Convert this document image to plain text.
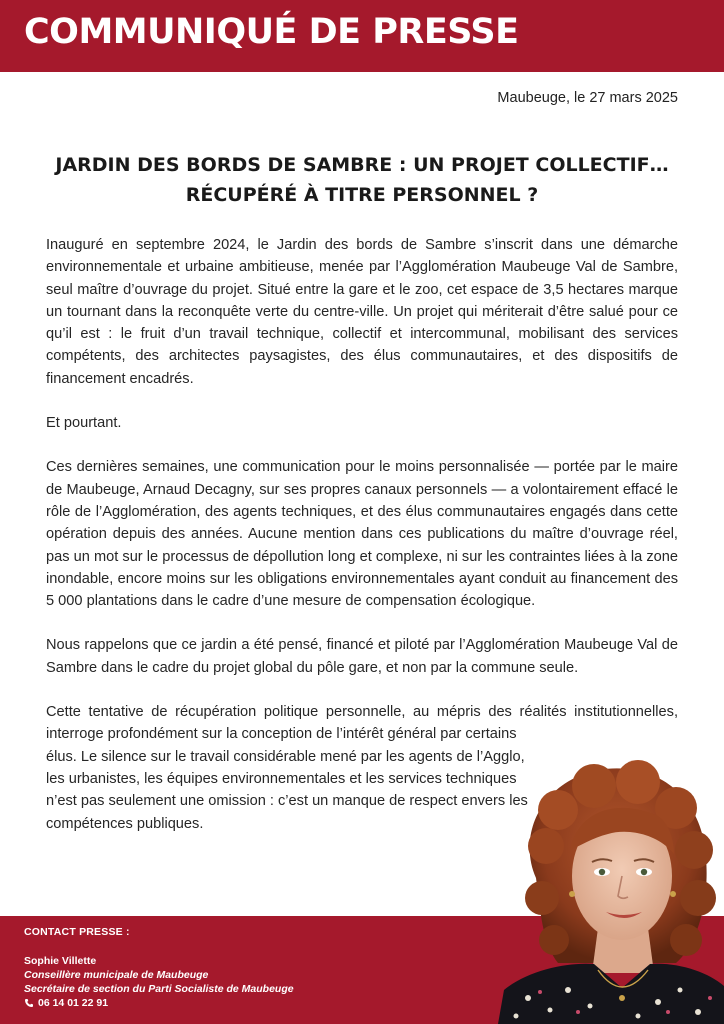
COMMUNIQUÉ DE PRESSE
Maubeuge, le 27 mars 2025
JARDIN DES BORDS DE SAMBRE : UN PROJET COLLECTIF…
RÉCUPÉRÉ À TITRE PERSONNEL ?

Inauguré en septembre 2024, le Jardin des bords de Sambre s’inscrit dans une démarche environnementale et urbaine ambitieuse, menée par l’Agglomération Maubeuge Val de Sambre, seul maître d’ouvrage du projet. Situé entre la gare et le zoo, cet espace de 3,5 hectares marque un tournant dans la reconquête verte du centre-ville. Un projet qui mériterait d’être salué pour ce qu’il est : le fruit d’un travail technique, collectif et intercommunal, mobilisant des services compétents, des architectes paysagistes, des élus communautaires, et des dispositifs de financement encadrés.

Et pourtant.

Ces dernières semaines, une communication pour le moins personnalisée — portée par le maire de Maubeuge, Arnaud Decagny, sur ses propres canaux personnels — a volontairement effacé le rôle de l’Agglomération, des agents techniques, et des élus communautaires engagés dans cette opération depuis des années. Aucune mention dans ces publications du maître d’ouvrage réel, pas un mot sur le processus de dépollution long et complexe, ni sur les contraintes liées à la zone inondable, encore moins sur les obligations environnementales ayant conduit au financement des 5 000 plantations dans le cadre d’une mesure de compensation écologique.

Nous rappelons que ce jardin a été pensé, financé et piloté par l’Agglomération Maubeuge Val de Sambre dans le cadre du projet global du pôle gare, et non par la commune seule.

Cette tentative de récupération politique personnelle, au mépris des réalités institutionnelles, interroge profondément sur la conception de l’intérêt général par certains

élus. Le silence sur le travail considérable mené par les agents de l’Agglo, les urbanistes, les équipes environnementales et les services techniques n’est pas seulement une omission : c’est un manque de respect envers les compétences publiques.

CONTACT PRESSE :
Sophie Villette
Conseillère municipale de Maubeuge
Secrétaire de section du Parti Socialiste de Maubeuge
06 14 01 22 91
